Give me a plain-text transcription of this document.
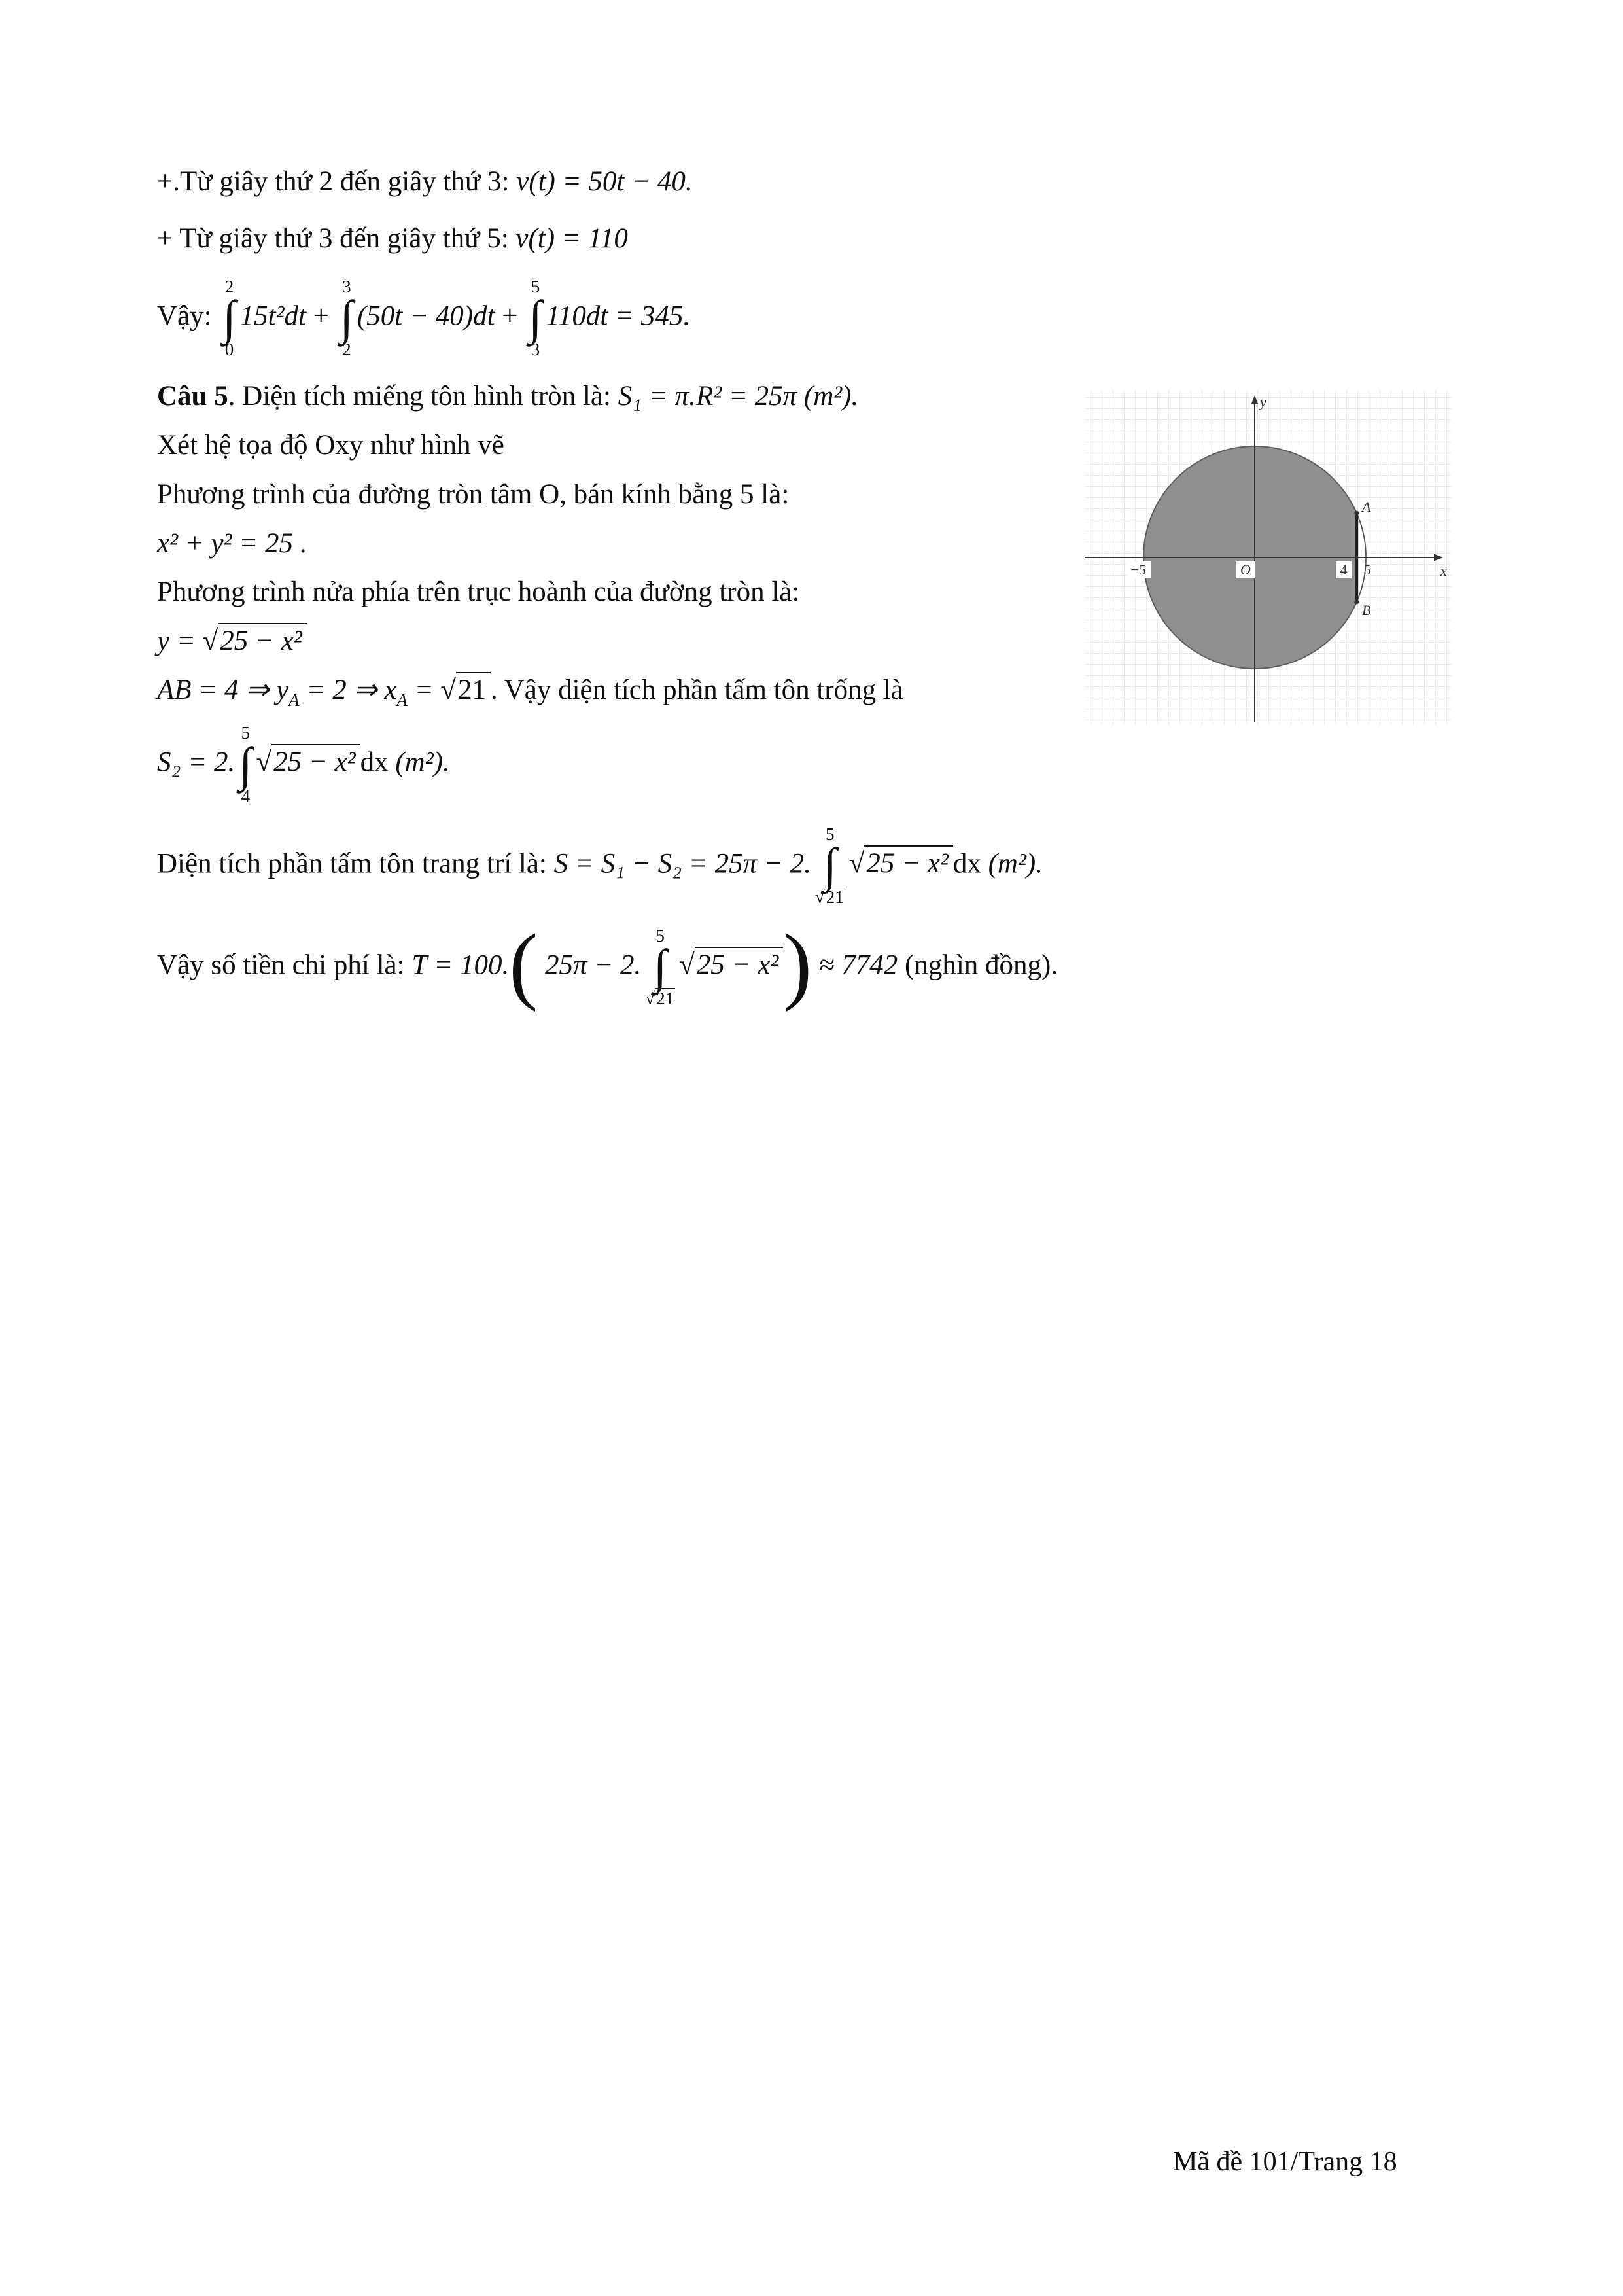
+.Từ giây thứ 2 đến giây thứ 3: v(t) = 50t − 40.

+ Từ giây thứ 3 đến giây thứ 5: v(t) = 110

Vậy:
2
∫
0
15t²dt +
3
∫
2
(50t − 40)dt +
5
∫
3
110dt = 345.

Câu 5. Diện tích miếng tôn hình tròn là: S₁ = π.R² = 25π (m²).

Xét hệ tọa độ Oxy như hình vẽ

Phương trình của đường tròn tâm O, bán kính bằng 5 là:

x² + y² = 25 .

Phương trình nửa phía trên trục hoành của đường tròn là:

y = √25 − x²

AB = 4 ⇒ $y_A = 2$ ⇒ $x_A = √21$ . Vậy diện tích phần tấm tôn trống là

S₂ = 2.
5
∫
4
√25 − x² dx (m²).

Diện tích phần tấm tôn trang trí là: S = S₁ − S₂ = 25π − 2.
5
∫
√21
√25 − x² dx (m²).

Vậy số tiền chi phí là: T = 100.( 25π − 2.
5
∫
√21
√25 − x²) ≈ 7742 (nghìn đồng).

y
x
−5	O	4 5
A
B
Mã đề 101/Trang 18
